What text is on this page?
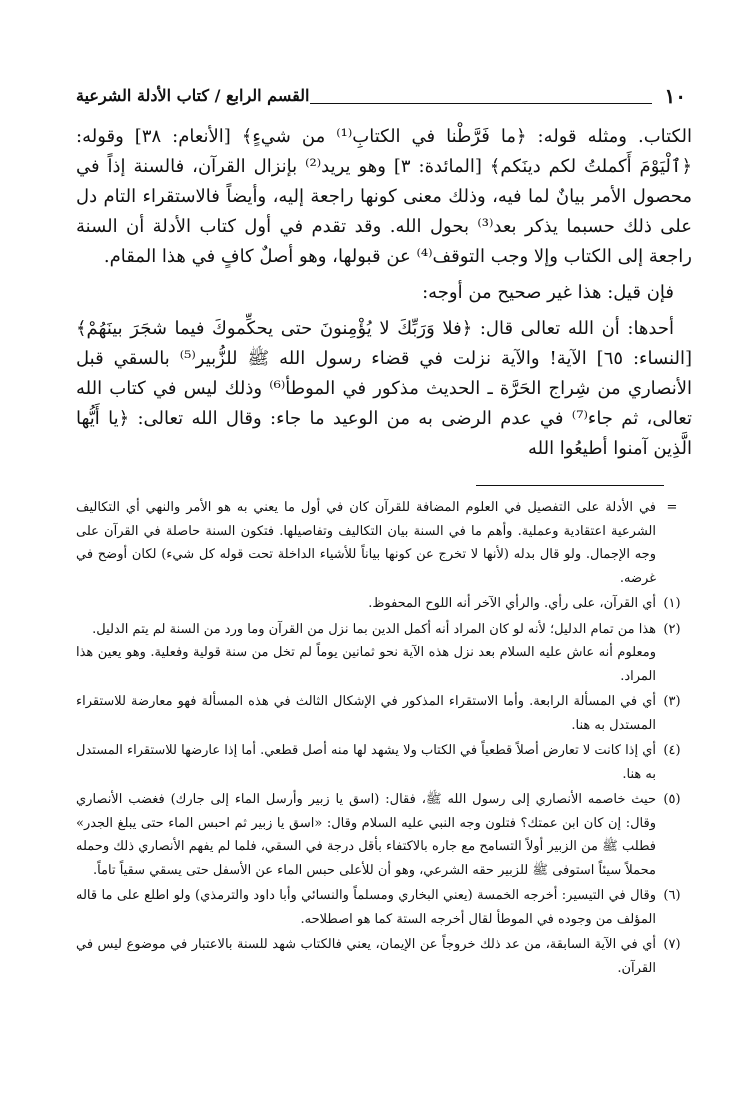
١٠
القسم الرابع / كتاب الأدلة الشرعية

الكتاب. ومثله قوله: ﴿ما فَرَّطْنا في الكتابِ⁽¹⁾ من شيءٍ﴾ [الأنعام: ٣٨] وقوله: ﴿ٱلْيَوْمَ أَكملتُ لكم دينَكم﴾ [المائدة: ٣] وهو يريد⁽²⁾ بإنزال القرآن، فالسنة إذاً في محصول الأمر بيانٌ لما فيه، وذلك معنى كونها راجعة إليه، وأيضاً فالاستقراء التام دل على ذلك حسبما يذكر بعد⁽³⁾ بحول الله. وقد تقدم في أول كتاب الأدلة أن السنة راجعة إلى الكتاب وإلا وجب التوقف⁽⁴⁾ عن قبولها، وهو أصلٌ كافٍ في هذا المقام.

فإن قيل: هذا غير صحيح من أوجه:

أحدها: أن الله تعالى قال: ﴿فلا وَرَبِّكَ لا يُؤْمِنونَ حتى يحكِّموكَ فيما شجَرَ بينَهُمْ﴾ [النساء: ٦٥] الآية! والآية نزلت في قضاء رسول الله ﷺ للزُّبير⁽⁵⁾ بالسقي قبل الأنصاري من شِراج الحَرَّة ـ الحديث مذكور في الموطأ⁽⁶⁾ وذلك ليس في كتاب الله تعالى، ثم جاء⁽⁷⁾ في عدم الرضى به من الوعيد ما جاء: وقال الله تعالى: ﴿يا أَيُّها الَّذِين آمنوا أطيعُوا الله

=

في الأدلة على التفصيل في العلوم المضافة للقرآن كان في أول ما يعني به هو الأمر والنهي أي التكاليف الشرعية اعتقادية وعملية. وأهم ما في السنة بيان التكاليف وتفاصيلها. فتكون السنة حاصلة في القرآن على وجه الإجمال. ولو قال بدله (لأنها لا تخرج عن كونها بياناً للأشياء الداخلة تحت قوله كل شيء) لكان أوضح في غرضه.

(١)

أي القرآن، على رأي. والرأي الآخر أنه اللوح المحفوظ.

(٢)

هذا من تمام الدليل؛ لأنه لو كان المراد أنه أكمل الدين بما نزل من القرآن وما ورد من السنة لم يتم الدليل.

ومعلوم أنه عاش عليه السلام بعد نزل هذه الآية نحو ثمانين يوماً لم تخل من سنة قولية وفعلية. وهو يعين هذا المراد.

(٣)

أي في المسألة الرابعة. وأما الاستقراء المذكور في الإشكال الثالث في هذه المسألة فهو معارضة للاستقراء المستدل به هنا.

(٤)

أي إذا كانت لا تعارض أصلاً قطعياً في الكتاب ولا يشهد لها منه أصل قطعي. أما إذا عارضها للاستقراء المستدل به هنا.

(٥)

حيث خاصمه الأنصاري إلى رسول الله ﷺ، فقال: (اسق يا زبير وأرسل الماء إلى جارك) فغضب الأنصاري وقال: إن كان ابن عمتك؟ فتلون وجه النبي عليه السلام وقال: «اسق يا زبير ثم احبس الماء حتى يبلغ الجدر» فطلب ﷺ من الزبير أولاً التسامح مع جاره بالاكتفاء بأقل درجة في السقي، فلما لم يفهم الأنصاري ذلك وحمله محملاً سيئاً استوفى ﷺ للزبير حقه الشرعي، وهو أن للأعلى حبس الماء عن الأسفل حتى يسقي سقياً تاماً.

(٦)

وقال في التيسير: أخرجه الخمسة (يعني البخاري ومسلماً والنسائي وأبا داود والترمذي) ولو اطلع على ما قاله المؤلف من وجوده في الموطأ لقال أخرجه الستة كما هو اصطلاحه.

(٧)

أي في الآية السابقة، من عد ذلك خروجاً عن الإيمان، يعني فالكتاب شهد للسنة بالاعتبار في موضوع ليس في القرآن.
